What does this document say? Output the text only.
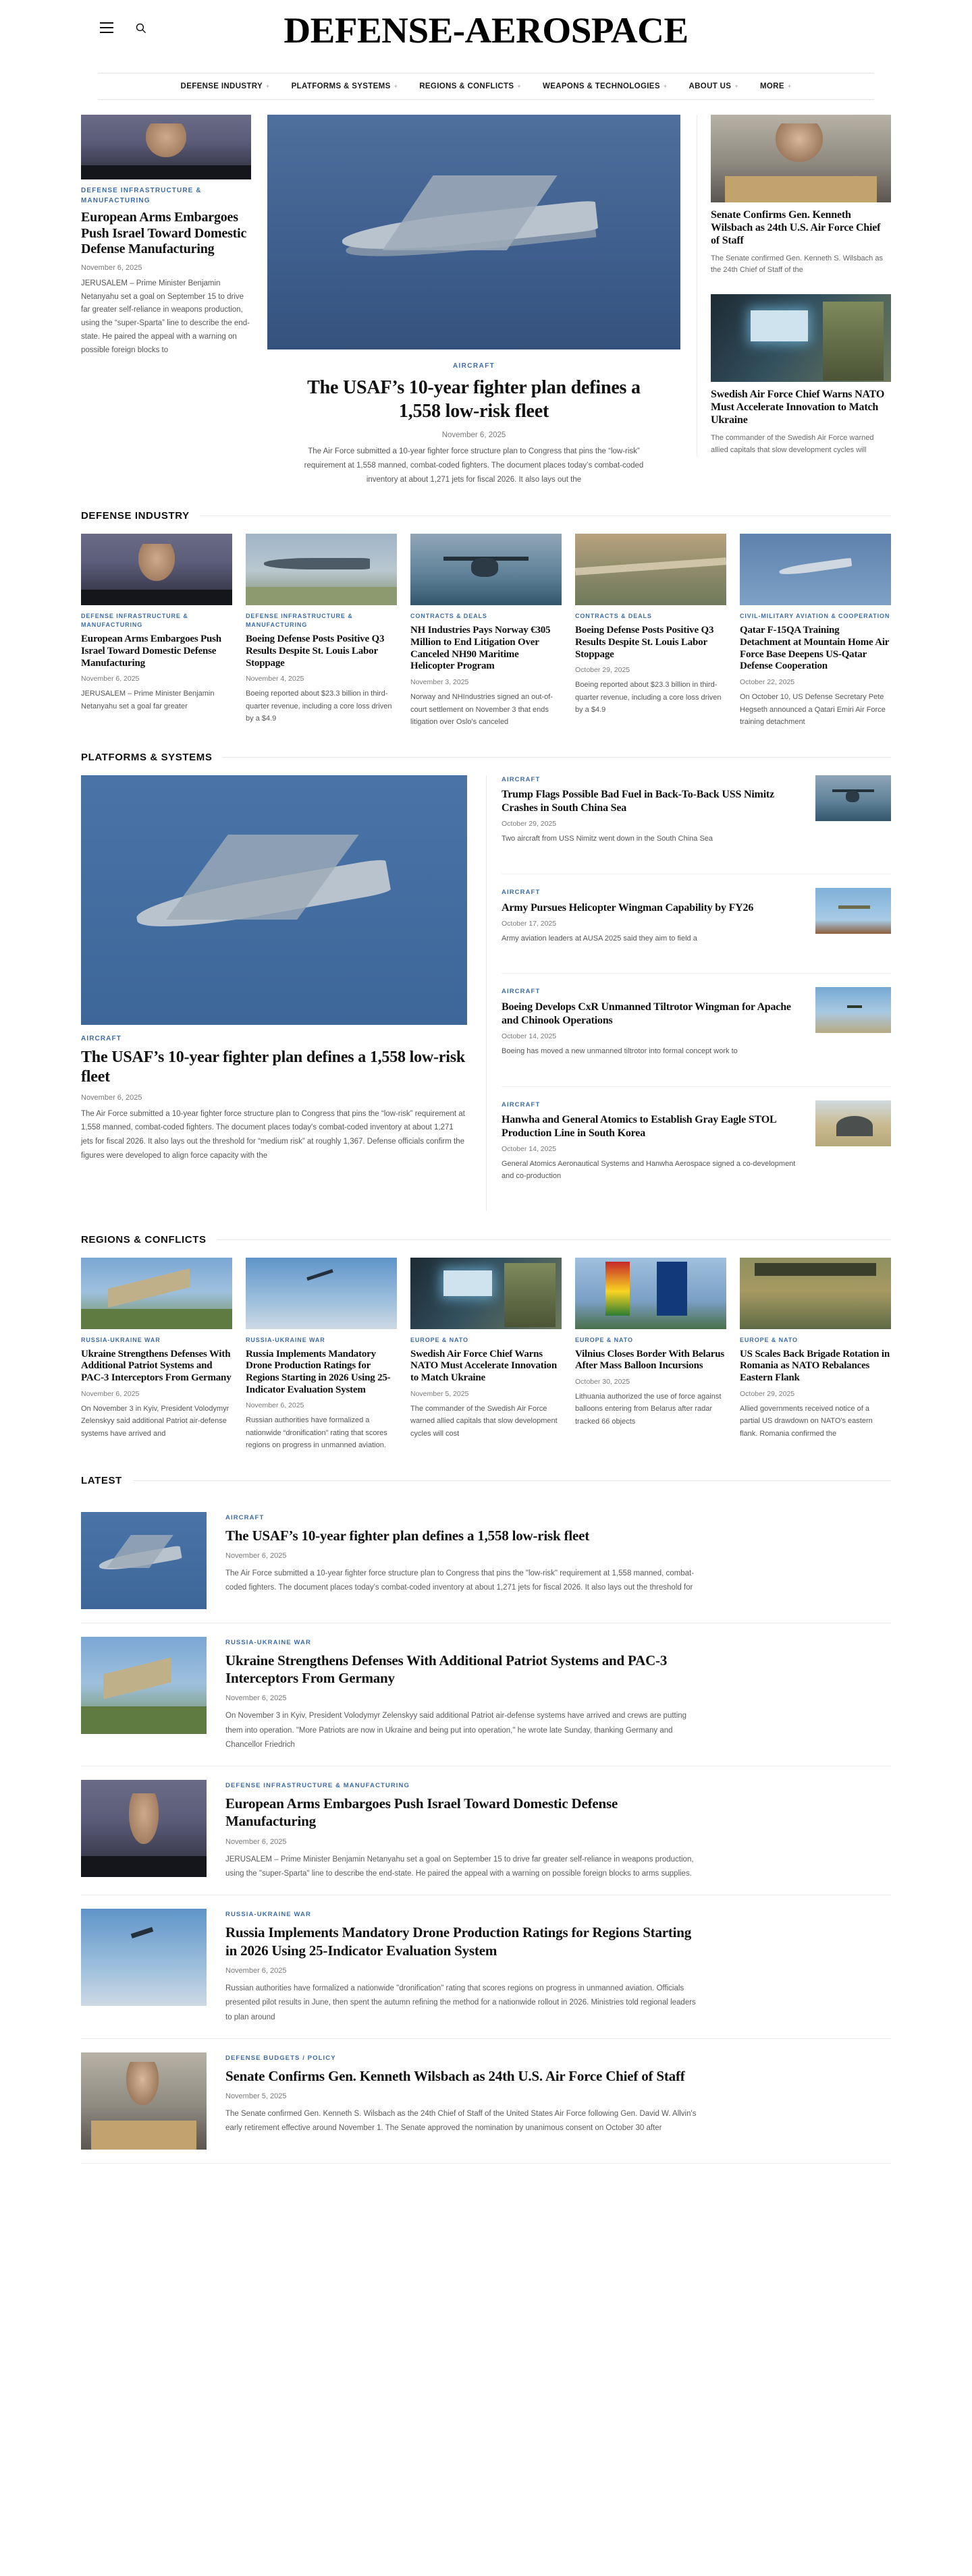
DEFENSE-AEROSPACE
DEFENSE INDUSTRY +	PLATFORMS & SYSTEMS +	REGIONS & CONFLICTS +	WEAPONS & TECHNOLOGIES +	ABOUT US +	MORE +
DEFENSE INFRASTRUCTURE & MANUFACTURING
European Arms Embargoes Push Israel Toward Domestic Defense Manufacturing
November 6, 2025

JERUSALEM – Prime Minister Benjamin Netanyahu set a goal on September 15 to drive far greater self-reliance in weapons production, using the “super-Sparta” line to describe the end-state. He paired the appeal with a warning on possible foreign blocks to

AIRCRAFT
The USAF’s 10-year fighter plan defines a 1,558 low-risk fleet
November 6, 2025

The Air Force submitted a 10-year fighter force structure plan to Congress that pins the “low-risk” requirement at 1,558 manned, combat-coded fighters. The document places today’s combat-coded inventory at about 1,271 jets for fiscal 2026. It also lays out the

Senate Confirms Gen. Kenneth Wilsbach as 24th U.S. Air Force Chief of Staff

The Senate confirmed Gen. Kenneth S. Wilsbach as the 24th Chief of Staff of the

Swedish Air Force Chief Warns NATO Must Accelerate Innovation to Match Ukraine

The commander of the Swedish Air Force warned allied capitals that slow development cycles will

DEFENSE INDUSTRY
DEFENSE INFRASTRUCTURE & MANUFACTURING
European Arms Embargoes Push Israel Toward Domestic Defense Manufacturing
November 6, 2025

JERUSALEM – Prime Minister Benjamin Netanyahu set a goal far greater

DEFENSE INFRASTRUCTURE & MANUFACTURING
Boeing Defense Posts Positive Q3 Results Despite St. Louis Labor Stoppage
November 4, 2025

Boeing reported about $23.3 billion in third-quarter revenue, including a core loss driven by a $4.9

CONTRACTS & DEALS
NH Industries Pays Norway €305 Million to End Litigation Over Canceled NH90 Maritime Helicopter Program
November 3, 2025

Norway and NHIndustries signed an out-of-court settlement on November 3 that ends litigation over Oslo's canceled

CONTRACTS & DEALS
Boeing Defense Posts Positive Q3 Results Despite St. Louis Labor Stoppage
October 29, 2025

Boeing reported about $23.3 billion in third-quarter revenue, including a core loss driven by a $4.9

CIVIL-MILITARY AVIATION & COOPERATION
Qatar F-15QA Training Detachment at Mountain Home Air Force Base Deepens US-Qatar Defense Cooperation
October 22, 2025

On October 10, US Defense Secretary Pete Hegseth announced a Qatari Emiri Air Force training detachment

PLATFORMS & SYSTEMS
AIRCRAFT
The USAF’s 10-year fighter plan defines a 1,558 low-risk fleet
November 6, 2025

The Air Force submitted a 10-year fighter force structure plan to Congress that pins the “low-risk” requirement at 1,558 manned, combat-coded fighters. The document places today's combat-coded inventory at about 1,271 jets for fiscal 2026. It also lays out the threshold for “medium risk” at roughly 1,367. Defense officials confirm the figures were developed to align force capacity with the

AIRCRAFT
Trump Flags Possible Bad Fuel in Back-To-Back USS Nimitz Crashes in South China Sea
October 29, 2025

Two aircraft from USS Nimitz went down in the South China Sea

AIRCRAFT
Army Pursues Helicopter Wingman Capability by FY26
October 17, 2025

Army aviation leaders at AUSA 2025 said they aim to field a

AIRCRAFT
Boeing Develops CxR Unmanned Tiltrotor Wingman for Apache and Chinook Operations
October 14, 2025

Boeing has moved a new unmanned tiltrotor into formal concept work to

AIRCRAFT
Hanwha and General Atomics to Establish Gray Eagle STOL Production Line in South Korea
October 14, 2025

General Atomics Aeronautical Systems and Hanwha Aerospace signed a co-development and co-production

REGIONS & CONFLICTS
RUSSIA-UKRAINE WAR
Ukraine Strengthens Defenses With Additional Patriot Systems and PAC-3 Interceptors From Germany
November 6, 2025

On November 3 in Kyiv, President Volodymyr Zelenskyy said additional Patriot air-defense systems have arrived and

RUSSIA-UKRAINE WAR
Russia Implements Mandatory Drone Production Ratings for Regions Starting in 2026 Using 25-Indicator Evaluation System
November 6, 2025

Russian authorities have formalized a nationwide “dronification” rating that scores regions on progress in unmanned aviation.

EUROPE & NATO
Swedish Air Force Chief Warns NATO Must Accelerate Innovation to Match Ukraine
November 5, 2025

The commander of the Swedish Air Force warned allied capitals that slow development cycles will cost

EUROPE & NATO
Vilnius Closes Border With Belarus After Mass Balloon Incursions
October 30, 2025

Lithuania authorized the use of force against balloons entering from Belarus after radar tracked 66 objects

EUROPE & NATO
US Scales Back Brigade Rotation in Romania as NATO Rebalances Eastern Flank
October 29, 2025

Allied governments received notice of a partial US drawdown on NATO's eastern flank. Romania confirmed the

LATEST
AIRCRAFT
The USAF’s 10-year fighter plan defines a 1,558 low-risk fleet
November 6, 2025

The Air Force submitted a 10-year fighter force structure plan to Congress that pins the "low-risk" requirement at 1,558 manned, combat-coded fighters. The document places today's combat-coded inventory at about 1,271 jets for fiscal 2026. It also lays out the threshold for

RUSSIA-UKRAINE WAR
Ukraine Strengthens Defenses With Additional Patriot Systems and PAC-3 Interceptors From Germany
November 6, 2025

On November 3 in Kyiv, President Volodymyr Zelenskyy said additional Patriot air-defense systems have arrived and crews are putting them into operation. "More Patriots are now in Ukraine and being put into operation," he wrote late Sunday, thanking Germany and Chancellor Friedrich

DEFENSE INFRASTRUCTURE & MANUFACTURING
European Arms Embargoes Push Israel Toward Domestic Defense Manufacturing
November 6, 2025

JERUSALEM – Prime Minister Benjamin Netanyahu set a goal on September 15 to drive far greater self-reliance in weapons production, using the "super-Sparta" line to describe the end-state. He paired the appeal with a warning on possible foreign blocks to arms supplies.

RUSSIA-UKRAINE WAR
Russia Implements Mandatory Drone Production Ratings for Regions Starting in 2026 Using 25-Indicator Evaluation System
November 6, 2025

Russian authorities have formalized a nationwide "dronification" rating that scores regions on progress in unmanned aviation. Officials presented pilot results in June, then spent the autumn refining the method for a nationwide rollout in 2026. Ministries told regional leaders to plan around

DEFENSE BUDGETS / POLICY
Senate Confirms Gen. Kenneth Wilsbach as 24th U.S. Air Force Chief of Staff
November 5, 2025

The Senate confirmed Gen. Kenneth S. Wilsbach as the 24th Chief of Staff of the United States Air Force following Gen. David W. Allvin's early retirement effective around November 1. The Senate approved the nomination by unanimous consent on October 30 after
